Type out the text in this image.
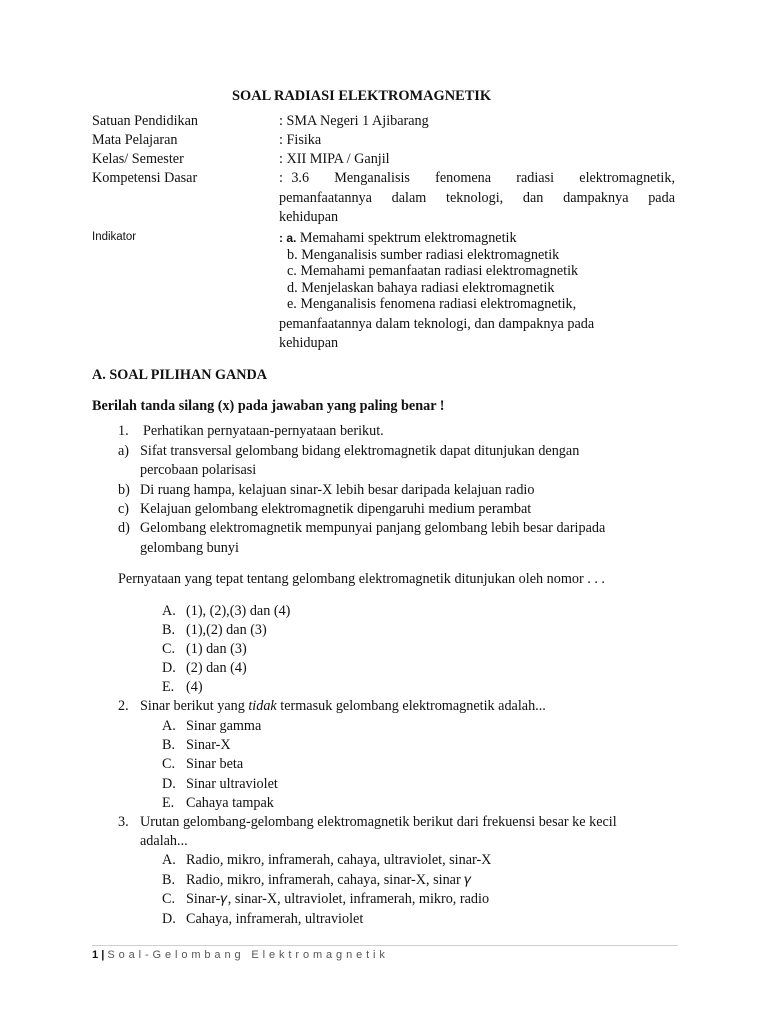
SOAL RADIASI ELEKTROMAGNETIK
Satuan Pendidikan	: SMA Negeri 1 Ajibarang
Mata Pelajaran	: Fisika
Kelas/ Semester	: XII MIPA / Ganjil
Kompetensi Dasar	: 3.6   Menganalisis   fenomena   radiasi   elektromagnetik,
pemanfaatannya  dalam  teknologi,  dan  dampaknya  pada
kehidupan
Indikator	: a. Memahami spektrum elektromagnetik
b. Menganalisis sumber radiasi elektromagnetik
c. Memahami pemanfaatan radiasi elektromagnetik
d. Menjelaskan bahaya radiasi elektromagnetik
e. Menganalisis fenomena radiasi elektromagnetik,
pemanfaatannya dalam teknologi, dan dampaknya pada
kehidupan
A. SOAL PILIHAN GANDA
Berilah tanda silang (x) pada jawaban yang paling benar !
1. Perhatikan pernyataan-pernyataan berikut.
a) Sifat transversal gelombang bidang elektromagnetik dapat ditunjukan dengan
percobaan polarisasi
b) Di ruang hampa, kelajuan sinar-X lebih besar daripada kelajuan radio
c) Kelajuan gelombang elektromagnetik dipengaruhi medium perambat
d) Gelombang elektromagnetik mempunyai panjang gelombang lebih besar daripada
gelombang bunyi
Pernyataan yang tepat tentang gelombang elektromagnetik ditunjukan oleh nomor . . .
A. (1), (2),(3) dan (4)
B. (1),(2) dan (3)
C. (1) dan (3)
D. (2) dan (4)
E. (4)
2. Sinar berikut yang tidak termasuk gelombang elektromagnetik adalah...
A. Sinar gamma
B. Sinar-X
C. Sinar beta
D. Sinar ultraviolet
E. Cahaya tampak
3. Urutan gelombang-gelombang elektromagnetik berikut dari frekuensi besar ke kecil
adalah...
A. Radio, mikro, inframerah, cahaya, ultraviolet, sinar-X
B. Radio, mikro, inframerah, cahaya, sinar-X, sinar 𝛾
C. Sinar-𝛾, sinar-X, ultraviolet, inframerah, mikro, radio
D. Cahaya, inframerah, ultraviolet
1 | Soal-Gelombang Elektromagnetik
